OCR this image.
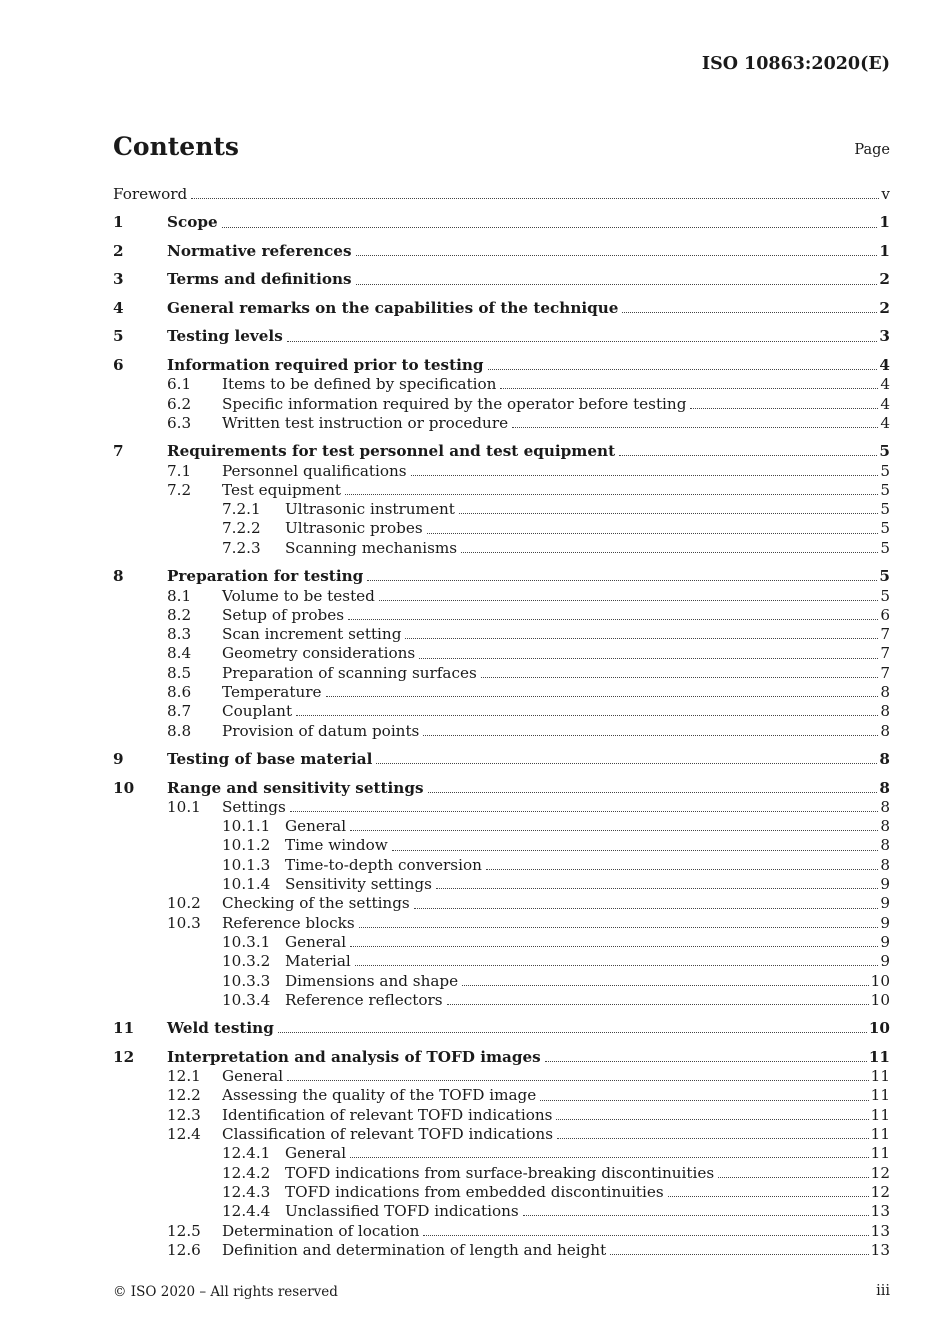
ISO 10863:2020(E)
Contents	Page
Foreword	v
1	Scope	1
2	Normative references	1
3	Terms and definitions	2
4	General remarks on the capabilities of the technique	2
5	Testing levels	3
6	Information required prior to testing	4
6.1 Items to be defined by specification	4
6.2 Specific information required by the operator before testing	4
6.3 Written test instruction or procedure	4
7	Requirements for test personnel and test equipment	5
7.1 Personnel qualifications	5
7.2 Test equipment	5
7.2.1 Ultrasonic instrument	5
7.2.2 Ultrasonic probes	5
7.2.3 Scanning mechanisms	5
8	Preparation for testing	5
8.1 Volume to be tested	5
8.2 Setup of probes	6
8.3 Scan increment setting	7
8.4 Geometry considerations	7
8.5 Preparation of scanning surfaces	7
8.6 Temperature	8
8.7 Couplant	8
8.8 Provision of datum points	8
9	Testing of base material	8
10 Range and sensitivity settings	8
10.1 Settings	8
10.1.1 General	8
10.1.2 Time window	8
10.1.3 Time-to-depth conversion	8
10.1.4 Sensitivity settings	9
10.2 Checking of the settings	9
10.3 Reference blocks	9
10.3.1 General	9
10.3.2 Material	9
10.3.3 Dimensions and shape	10
10.3.4 Reference reflectors	10
11 Weld testing	10
12 Interpretation and analysis of TOFD images	11
12.1 General	11
12.2 Assessing the quality of the TOFD image	11
12.3 Identification of relevant TOFD indications	11
12.4 Classification of relevant TOFD indications	11
12.4.1 General	11
12.4.2 TOFD indications from surface-breaking discontinuities	12
12.4.3 TOFD indications from embedded discontinuities	12
12.4.4 Unclassified TOFD indications	13
12.5 Determination of location	13
12.6 Definition and determination of length and height	13
© ISO 2020 – All rights reserved	iii
